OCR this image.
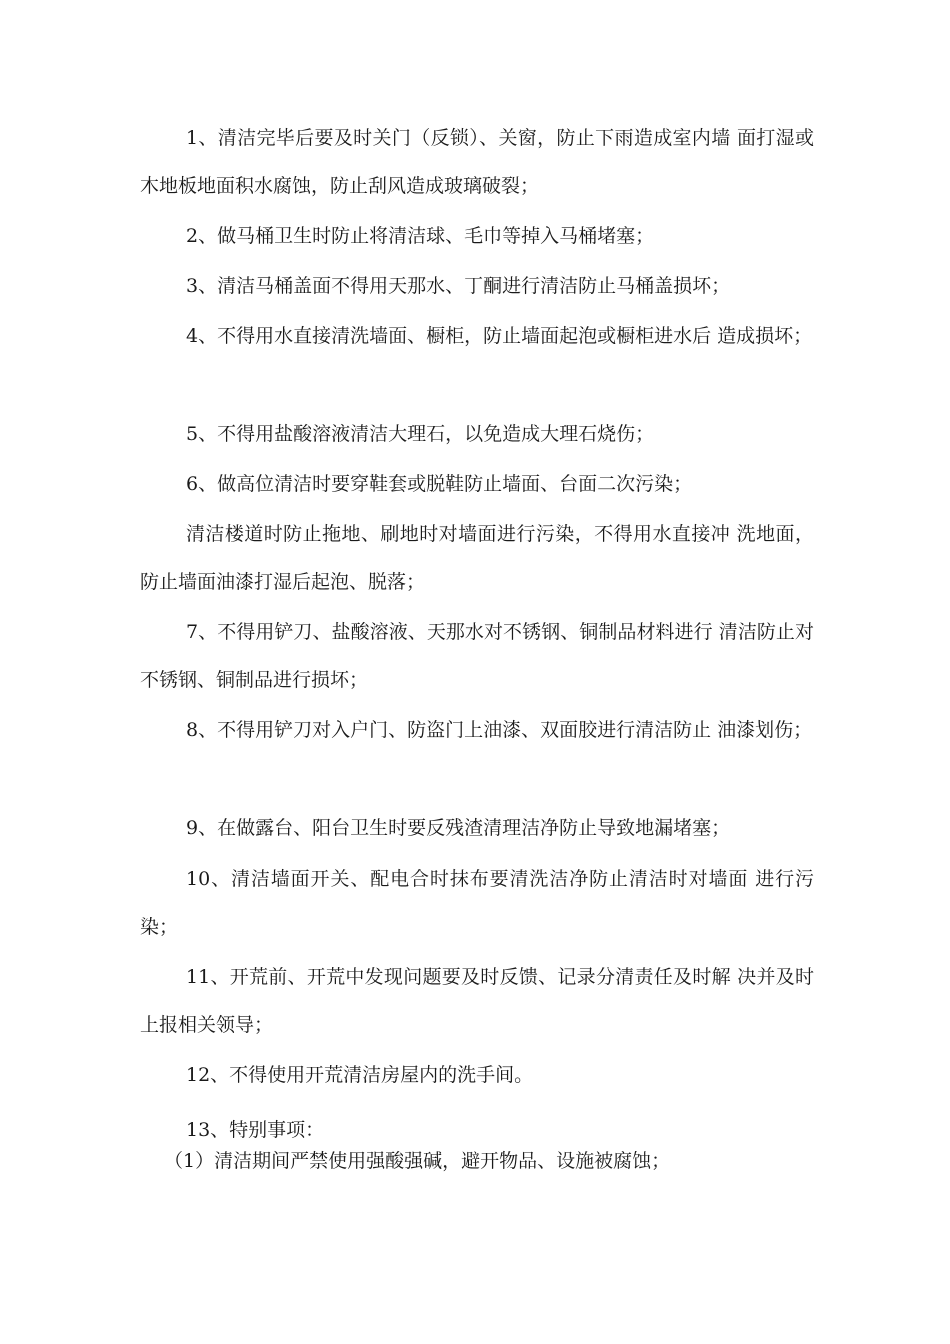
1、清洁完毕后要及时关门（反锁）、关窗，防止下雨造成室内墙 面打湿或木地板地面积水腐蚀，防止刮风造成玻璃破裂；

2、做马桶卫生时防止将清洁球、毛巾等掉入马桶堵塞；

3、清洁马桶盖面不得用天那水、丁酮进行清洁防止马桶盖损坏；

4、不得用水直接清洗墙面、橱柜，防止墙面起泡或橱柜进水后 造成损坏；

5、不得用盐酸溶液清洁大理石，以免造成大理石烧伤；

6、做高位清洁时要穿鞋套或脱鞋防止墙面、台面二次污染；

清洁楼道时防止拖地、刷地时对墙面进行污染，不得用水直接冲 洗地面，防止墙面油漆打湿后起泡、脱落；

7、不得用铲刀、盐酸溶液、天那水对不锈钢、铜制品材料进行 清洁防止对不锈钢、铜制品进行损坏；

8、不得用铲刀对入户门、防盗门上油漆、双面胶进行清洁防止 油漆划伤；

9、在做露台、阳台卫生时要反残渣清理洁净防止导致地漏堵塞；

10、清洁墙面开关、配电合时抹布要清洗洁净防止清洁时对墙面 进行污染；

11、开荒前、开荒中发现问题要及时反馈、记录分清责任及时解 决并及时上报相关领导；

12、不得使用开荒清洁房屋内的洗手间。

13、特别事项：

（1）清洁期间严禁使用强酸强碱，避开物品、设施被腐蚀；
